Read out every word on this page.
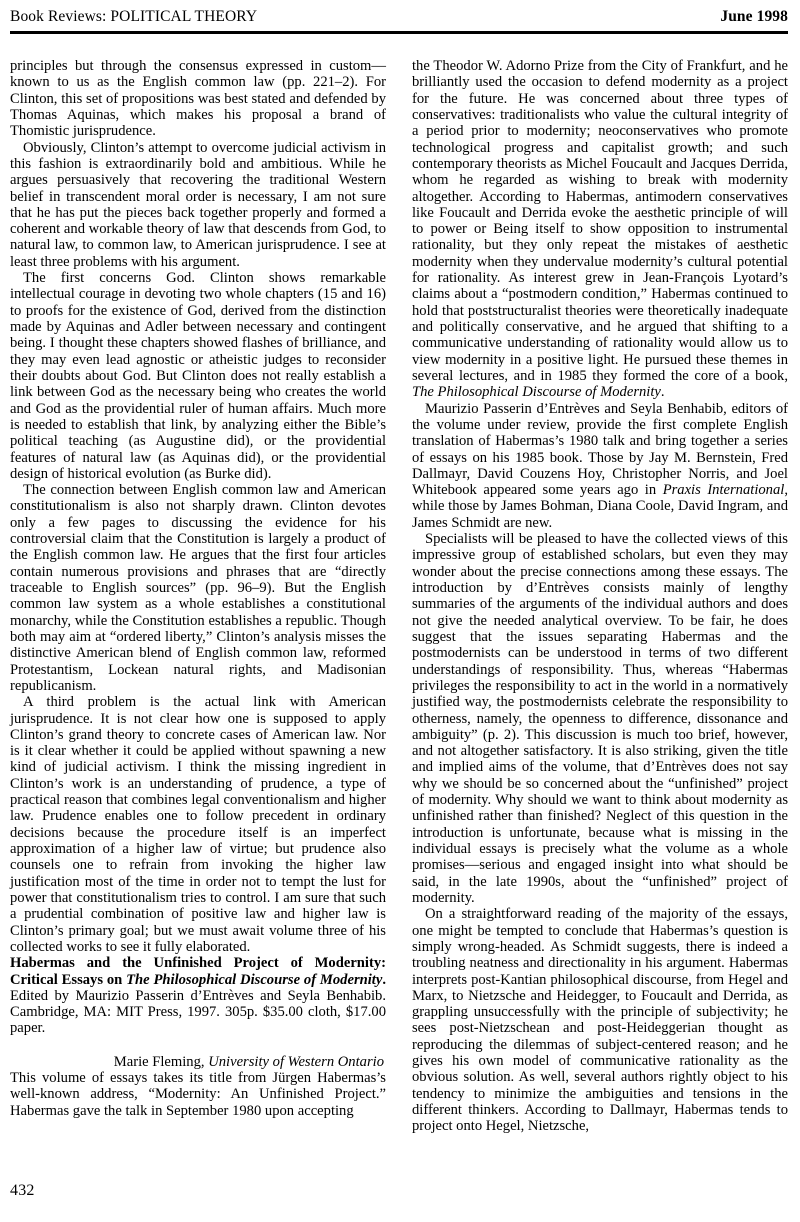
Book Reviews: POLITICAL THEORY	June 1998

principles but through the consensus expressed in custom—known to us as the English common law (pp. 221–2). For Clinton, this set of propositions was best stated and defended by Thomas Aquinas, which makes his proposal a brand of Thomistic jurisprudence.

Obviously, Clinton’s attempt to overcome judicial activism in this fashion is extraordinarily bold and ambitious. While he argues persuasively that recovering the traditional Western belief in transcendent moral order is necessary, I am not sure that he has put the pieces back together properly and formed a coherent and workable theory of law that descends from God, to natural law, to common law, to American jurisprudence. I see at least three problems with his argument.

The first concerns God. Clinton shows remarkable intellectual courage in devoting two whole chapters (15 and 16) to proofs for the existence of God, derived from the distinction made by Aquinas and Adler between necessary and contingent being. I thought these chapters showed flashes of brilliance, and they may even lead agnostic or atheistic judges to reconsider their doubts about God. But Clinton does not really establish a link between God as the necessary being who creates the world and God as the providential ruler of human affairs. Much more is needed to establish that link, by analyzing either the Bible’s political teaching (as Augustine did), or the providential features of natural law (as Aquinas did), or the providential design of historical evolution (as Burke did).

The connection between English common law and American constitutionalism is also not sharply drawn. Clinton devotes only a few pages to discussing the evidence for his controversial claim that the Constitution is largely a product of the English common law. He argues that the first four articles contain numerous provisions and phrases that are “directly traceable to English sources” (pp. 96–9). But the English common law system as a whole establishes a constitutional monarchy, while the Constitution establishes a republic. Though both may aim at “ordered liberty,” Clinton’s analysis misses the distinctive American blend of English common law, reformed Protestantism, Lockean natural rights, and Madisonian republicanism.

A third problem is the actual link with American jurisprudence. It is not clear how one is supposed to apply Clinton’s grand theory to concrete cases of American law. Nor is it clear whether it could be applied without spawning a new kind of judicial activism. I think the missing ingredient in Clinton’s work is an understanding of prudence, a type of practical reason that combines legal conventionalism and higher law. Prudence enables one to follow precedent in ordinary decisions because the procedure itself is an imperfect approximation of a higher law of virtue; but prudence also counsels one to refrain from invoking the higher law justification most of the time in order not to tempt the lust for power that constitutionalism tries to control. I am sure that such a prudential combination of positive law and higher law is Clinton’s primary goal; but we must await volume three of his collected works to see it fully elaborated.

Habermas and the Unfinished Project of Modernity: Critical Essays on The Philosophical Discourse of Modernity. Edited by Maurizio Passerin d’Entrèves and Seyla Benhabib. Cambridge, MA: MIT Press, 1997. 305p. $35.00 cloth, $17.00 paper.

Marie Fleming, University of Western Ontario

This volume of essays takes its title from Jürgen Habermas’s well-known address, “Modernity: An Unfinished Project.” Habermas gave the talk in September 1980 upon accepting

the Theodor W. Adorno Prize from the City of Frankfurt, and he brilliantly used the occasion to defend modernity as a project for the future. He was concerned about three types of conservatives: traditionalists who value the cultural integrity of a period prior to modernity; neoconservatives who promote technological progress and capitalist growth; and such contemporary theorists as Michel Foucault and Jacques Derrida, whom he regarded as wishing to break with modernity altogether. According to Habermas, antimodern conservatives like Foucault and Derrida evoke the aesthetic principle of will to power or Being itself to show opposition to instrumental rationality, but they only repeat the mistakes of aesthetic modernity when they undervalue modernity’s cultural potential for rationality. As interest grew in Jean-François Lyotard’s claims about a “postmodern condition,” Habermas continued to hold that poststructuralist theories were theoretically inadequate and politically conservative, and he argued that shifting to a communicative understanding of rationality would allow us to view modernity in a positive light. He pursued these themes in several lectures, and in 1985 they formed the core of a book, The Philosophical Discourse of Modernity.

Maurizio Passerin d’Entrèves and Seyla Benhabib, editors of the volume under review, provide the first complete English translation of Habermas’s 1980 talk and bring together a series of essays on his 1985 book. Those by Jay M. Bernstein, Fred Dallmayr, David Couzens Hoy, Christopher Norris, and Joel Whitebook appeared some years ago in Praxis International, while those by James Bohman, Diana Coole, David Ingram, and James Schmidt are new.

Specialists will be pleased to have the collected views of this impressive group of established scholars, but even they may wonder about the precise connections among these essays. The introduction by d’Entrèves consists mainly of lengthy summaries of the arguments of the individual authors and does not give the needed analytical overview. To be fair, he does suggest that the issues separating Habermas and the postmodernists can be understood in terms of two different understandings of responsibility. Thus, whereas “Habermas privileges the responsibility to act in the world in a normatively justified way, the postmodernists celebrate the responsibility to otherness, namely, the openness to difference, dissonance and ambiguity” (p. 2). This discussion is much too brief, however, and not altogether satisfactory. It is also striking, given the title and implied aims of the volume, that d’Entrèves does not say why we should be so concerned about the “unfinished” project of modernity. Why should we want to think about modernity as unfinished rather than finished? Neglect of this question in the introduction is unfortunate, because what is missing in the individual essays is precisely what the volume as a whole promises—serious and engaged insight into what should be said, in the late 1990s, about the “unfinished” project of modernity.

On a straightforward reading of the majority of the essays, one might be tempted to conclude that Habermas’s question is simply wrong-headed. As Schmidt suggests, there is indeed a troubling neatness and directionality in his argument. Habermas interprets post-Kantian philosophical discourse, from Hegel and Marx, to Nietzsche and Heidegger, to Foucault and Derrida, as grappling unsuccessfully with the principle of subjectivity; he sees post-Nietzschean and post-Heideggerian thought as reproducing the dilemmas of subject-centered reason; and he gives his own model of communicative rationality as the obvious solution. As well, several authors rightly object to his tendency to minimize the ambiguities and tensions in the different thinkers. According to Dallmayr, Habermas tends to project onto Hegel, Nietzsche,

432
